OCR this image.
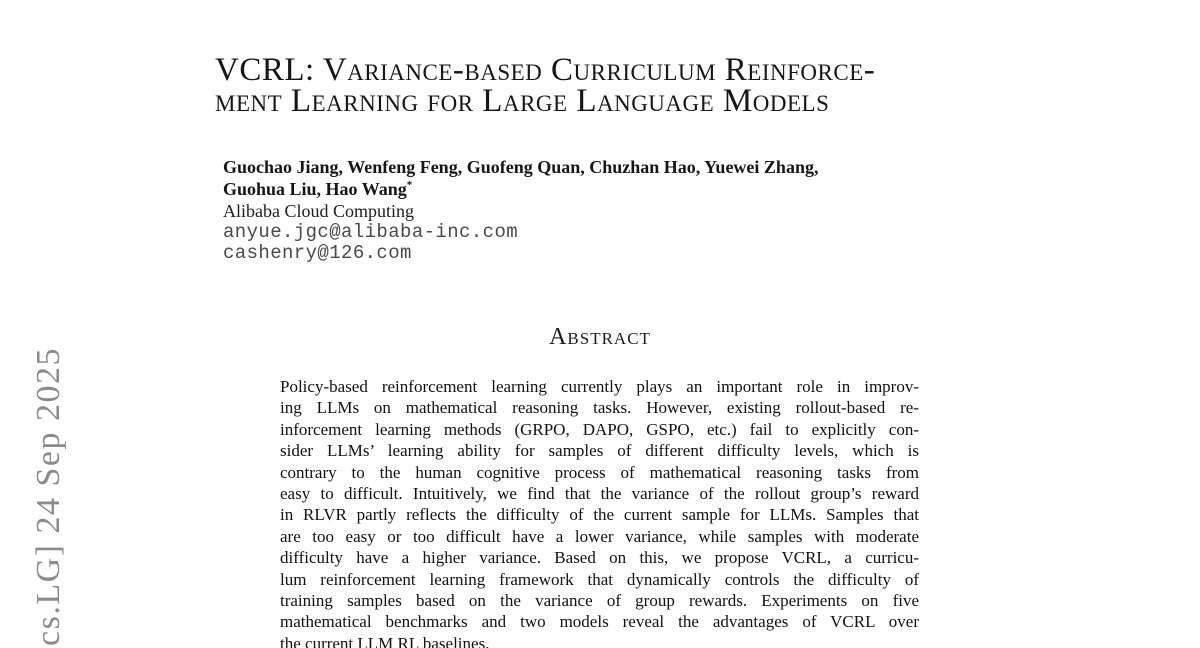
cs.LG] 24 Sep 2025
VCRL: Variance-based Curriculum Reinforce-
ment Learning for Large Language Models
Guochao Jiang, Wenfeng Feng, Guofeng Quan, Chuzhan Hao, Yuewei Zhang,
Guohua Liu, Hao Wang*
Alibaba Cloud Computing
anyue.jgc@alibaba-inc.com
cashenry@126.com
Abstract
Policy-based reinforcement learning currently plays an important role in improv-
ing LLMs on mathematical reasoning tasks. However, existing rollout-based re-
inforcement learning methods (GRPO, DAPO, GSPO, etc.) fail to explicitly con-
sider LLMs’ learning ability for samples of different difficulty levels, which is
contrary to the human cognitive process of mathematical reasoning tasks from
easy to difficult. Intuitively, we find that the variance of the rollout group’s reward
in RLVR partly reflects the difficulty of the current sample for LLMs. Samples that
are too easy or too difficult have a lower variance, while samples with moderate
difficulty have a higher variance. Based on this, we propose VCRL, a curricu-
lum reinforcement learning framework that dynamically controls the difficulty of
training samples based on the variance of group rewards. Experiments on five
mathematical benchmarks and two models reveal the advantages of VCRL over
the current LLM RL baselines.
